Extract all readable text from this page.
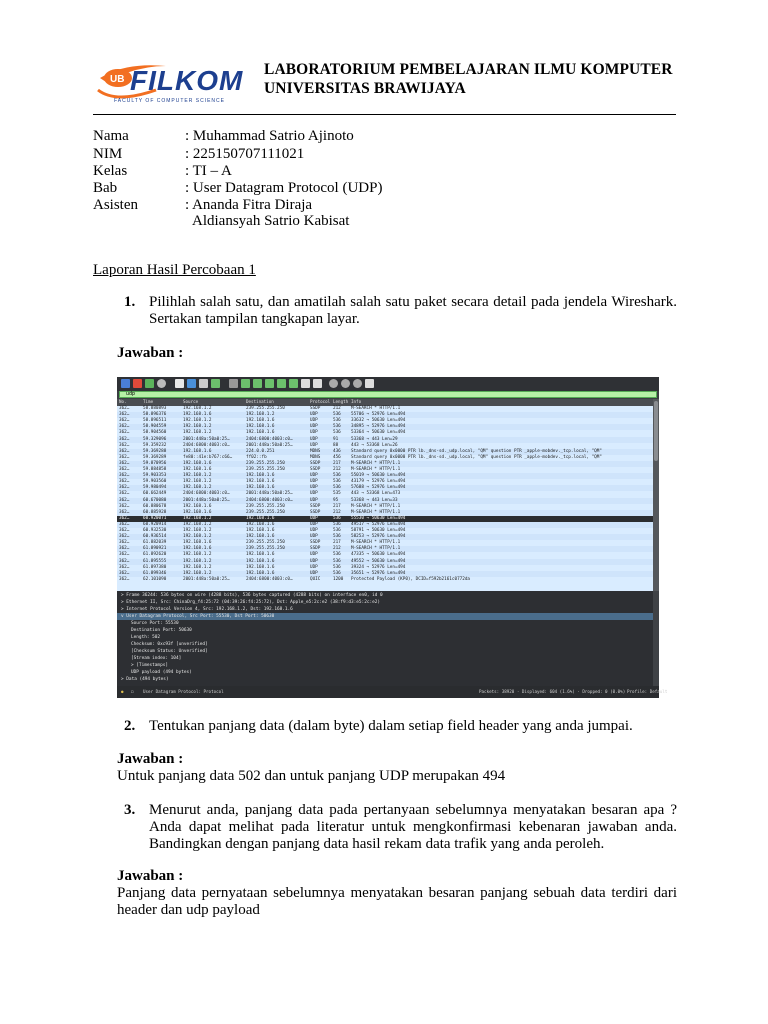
UB FILKOM
FACULTY OF COMPUTER SCIENCE
LABORATORIUM PEMBELAJARAN ILMU KOMPUTER
UNIVERSITAS BRAWIJAYA
Nama	: Muhammad Satrio Ajinoto
NIM	: 225150707111021
Kelas	: TI – A
Bab	: User Datagram Protocol (UDP)
Asisten	: Ananda Fitra Diraja
Aldiansyah Satrio Kabisat
Laporan Hasil Percobaan 1
1. Pilihlah salah satu, dan amatilah salah satu paket secara detail pada jendela Wireshark. Sertakan tampilan tangkapan layar.
Jawaban :
udp
No.	Time	Source	Destination	Protocol Length Info
362…	58.880893	192.168.1.2	239.255.255.250	SSDP	212 M-SEARCH * HTTP/1.1
362…	58.896376	192.168.1.6	192.168.1.2	UDP	536 55706 → 52976 Len=494
362…	58.896511	192.168.1.2	192.168.1.6	UDP	536 33632 → 50630 Len=494
362…	58.904559	192.168.1.2	192.168.1.6	UDP	536 34895 → 52976 Len=494
362…	58.904560	192.168.1.2	192.168.1.6	UDP	536 53364 → 50630 Len=494
362…	59.329096	2001:448a:50a0:25…	2404:6800:4003:c0…	UDP	91	53368 → 443 Len=29
362…	59.359232	2404:6800:4003:c0…	2001:448a:50a0:25…	UDP	88	443 → 53368 Len=26
362…	59.369288	192.168.1.6	224.0.0.251	MDNS	436 Standard query 0x0000 PTR lb._dns-sd._udp.local, "QM" question PTR _apple-mobdev._tcp.local, "QM"
362…	59.369289	fe80::41e:b767:c66…	ff02::fb	MDNS	456 Standard query 0x0000 PTR lb._dns-sd._udp.local, "QM" question PTR _apple-mobdev._tcp.local, "QM"
362…	59.870956	192.168.1.6	239.255.255.250	SSDP	217 M-SEARCH * HTTP/1.1
362…	59.884858	192.168.1.6	239.255.255.250	SSDP	212 M-SEARCH * HTTP/1.1
362…	59.903353	192.168.1.2	192.168.1.6	UDP	536 55019 → 50630 Len=494
362…	59.903560	192.168.1.2	192.168.1.6	UDP	536 43179 → 52976 Len=494
362…	59.980494	192.168.1.2	192.168.1.6	UDP	536 57688 → 52976 Len=494
362…	60.662449	2404:6800:4003:c0…	2001:448a:50a0:25…	UDP	535 443 → 53368 Len=473
362…	60.670080	2001:448a:50a0:25…	2404:6800:4003:c0…	UDP	95	53368 → 443 Len=33
362…	60.880678	192.168.1.6	239.255.255.250	SSDP	217 M-SEARCH * HTTP/1.1
362…	60.885928	192.168.1.6	239.255.255.250	SSDP	212 M-SEARCH * HTTP/1.1
362…	60.920071	192.168.1.2	192.168.1.6	UDP	536 55530 → 50630 Len=494
362…	60.920914	192.168.1.2	192.168.1.6	UDP	536 49517 → 52976 Len=494
362…	60.932530	192.168.1.2	192.168.1.6	UDP	536 58791 → 50630 Len=494
362…	60.936514	192.168.1.2	192.168.1.6	UDP	536 58253 → 52976 Len=494
362…	61.882039	192.168.1.6	239.255.255.250	SSDP	217 M-SEARCH * HTTP/1.1
362…	61.890921	192.168.1.6	239.255.255.250	SSDP	212 M-SEARCH * HTTP/1.1
362…	61.892620	192.168.1.2	192.168.1.6	UDP	536 47335 → 50630 Len=494
362…	61.895555	192.168.1.2	192.168.1.6	UDP	536 49552 → 50630 Len=494
362…	61.897380	192.168.1.2	192.168.1.6	UDP	536 39324 → 52976 Len=494
362…	61.899346	192.168.1.2	192.168.1.6	UDP	536 35651 → 52976 Len=494
362…	62.101090	2001:448a:50a0:25…	2404:6800:4003:c0…	QUIC	1200 Protected Payload (KP0), DCID=f592b2161c0772da
> Frame 36244: 536 bytes on wire (4288 bits), 536 bytes captured (4288 bits) on interface en0, id 0
> Ethernet II, Src: ChinaDrg_f4:25:72 (04:39:26:f4:25:72), Dst: Apple_e5:2c:e2 (38:f9:d3:e5:2c:e2)
> Internet Protocol Version 4, Src: 192.168.1.2, Dst: 192.168.1.6
v User Datagram Protocol, Src Port: 55530, Dst Port: 50630
Source Port: 55530
Destination Port: 50630
Length: 502
Checksum: 0xc93f [unverified]
[Checksum Status: Unverified]
[Stream index: 104]
> [Timestamps]
UDP payload (494 bytes)
> Data (494 bytes)
● ◻ User Datagram Protocol: Protocol	Packets: 38920 · Displayed: 604 (1.6%) · Dropped: 0 (0.0%) Profile: Default
2. Tentukan panjang data (dalam byte) dalam setiap field header yang anda jumpai.
Jawaban :
Untuk panjang data 502 dan untuk panjang UDP merupakan 494
3. Menurut anda, panjang data pada pertanyaan sebelumnya menyatakan besaran apa ? Anda dapat melihat pada literatur untuk mengkonfirmasi kebenaran jawaban anda. Bandingkan dengan panjang data hasil rekam data trafik yang anda peroleh.
Jawaban :
Panjang data pernyataan sebelumnya menyatakan besaran panjang sebuah data terdiri dari header dan udp payload
